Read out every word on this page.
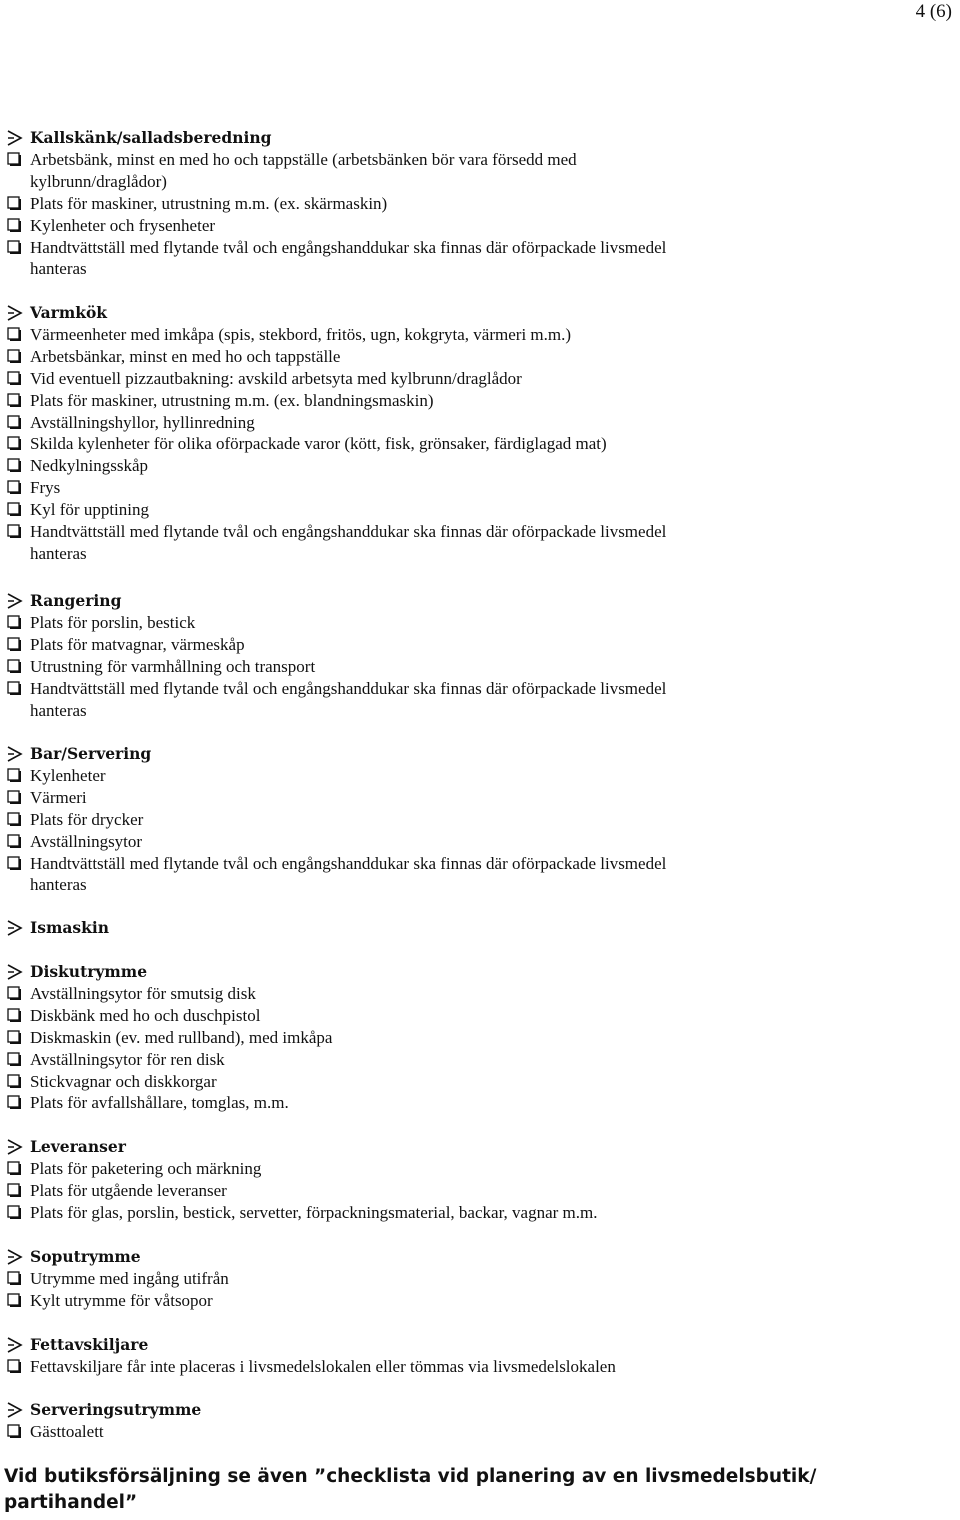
4 (6)
Kallskänk/salladsberedning
Arbetsbänk, minst en med ho och tappställe (arbetsbänken bör vara försedd med
kylbrunn/draglådor)
Plats för maskiner, utrustning m.m. (ex. skärmaskin)
Kylenheter och frysenheter
Handtvättställ med flytande tvål och engångshanddukar ska finnas där oförpackade livsmedel
hanteras
Varmkök
Värmeenheter med imkåpa (spis, stekbord, fritös, ugn, kokgryta, värmeri m.m.)
Arbetsbänkar, minst en med ho och tappställe
Vid eventuell pizzautbakning: avskild arbetsyta med kylbrunn/draglådor
Plats för maskiner, utrustning m.m. (ex. blandningsmaskin)
Avställningshyllor, hyllinredning
Skilda kylenheter för olika oförpackade varor (kött, fisk, grönsaker, färdiglagad mat)
Nedkylningsskåp
Frys
Kyl för upptining
Handtvättställ med flytande tvål och engångshanddukar ska finnas där oförpackade livsmedel
hanteras
Rangering
Plats för porslin, bestick
Plats för matvagnar, värmeskåp
Utrustning för varmhållning och transport
Handtvättställ med flytande tvål och engångshanddukar ska finnas där oförpackade livsmedel
hanteras
Bar/Servering
Kylenheter
Värmeri
Plats för drycker
Avställningsytor
Handtvättställ med flytande tvål och engångshanddukar ska finnas där oförpackade livsmedel
hanteras
Ismaskin
Diskutrymme
Avställningsytor för smutsig disk
Diskbänk med ho och duschpistol
Diskmaskin (ev. med rullband), med imkåpa
Avställningsytor för ren disk
Stickvagnar och diskkorgar
Plats för avfallshållare, tomglas, m.m.
Leveranser
Plats för paketering och märkning
Plats för utgående leveranser
Plats för glas, porslin, bestick, servetter, förpackningsmaterial, backar, vagnar m.m.
Soputrymme
Utrymme med ingång utifrån
Kylt utrymme för våtsopor
Fettavskiljare
Fettavskiljare får inte placeras i livsmedelslokalen eller tömmas via livsmedelslokalen
Serveringsutrymme
Gästtoalett
Vid butiksförsäljning se även ”checklista vid planering av en livsmedelsbutik/
partihandel”
